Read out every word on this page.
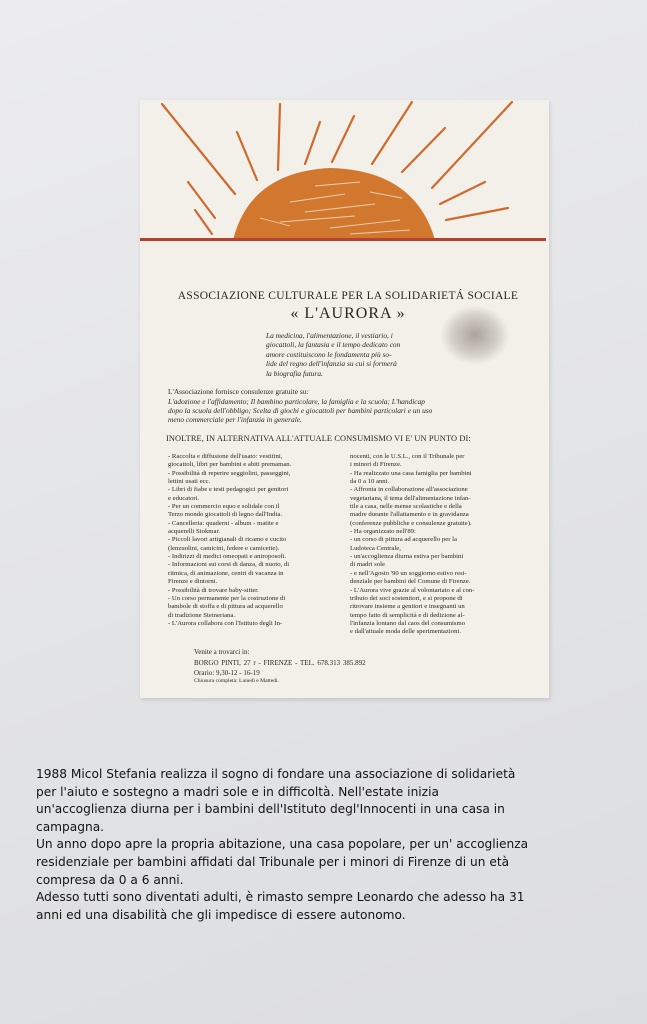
ASSOCIAZIONE CULTURALE PER LA SOLIDARIETÁ SOCIALE
« L'AURORA »
La medicina, l'alimentazione, il vestiario, i
giocattoli, la fantasia e il tempo dedicato con
amore costituiscono le fondamenta più so-
lide del regno dell'infanzia su cui si formerà
la biografia futura.
L'Associazione fornisce consulenze gratuite su:
L'adozione e l'affidamento; Il bambino particolare, la famiglia e la scuola; L'handicap
dopo la scuola dell'obbligo; Scelta di giochi e giocattoli per bambini particolari e un uso
meno commerciale per l'infanzia in generale.
INOLTRE, IN ALTERNATIVA ALL'ATTUALE CONSUMISMO VI E' UN PUNTO DI:

- Raccolta e diffusione dell'usato: vestitini,

giocattoli, libri per bambini e abiti premaman.

- Possibilità di reperire seggiolini, passeggini,

lettini usati ecc.

- Libri di fiabe e testi pedagogici per genitori

e educatori.

- Per un commercio equo e solidale con il

Terzo mondo giocattoli di legno dall'India.

- Cancelleria: quaderni - album - matite e

acquerelli Stokmar.

- Piccoli lavori artigianali di ricamo e cucito

(lenzuolini, camicini, federe e camicette).

- Indirizzi di medici omeopati e antroposofi.

- Informazioni sui corsi di danza, di nuoto, di

ritmica, di animazione, centri di vacanza in

Firenze e dintorni.

- Possibilità di trovare baby-sitter.

- Un corso permanente per la costruzione di

bambole di stoffa e di pittura ad acquerello

di tradizione Steineriana.

- L'Aurora collabora con l'Istituto degli In-

nocenti, con le U.S.L., con il Tribunale per

i minori di Firenze.

- Ha realizzato una casa famiglia per bambini

da 0 a 10 anni.

- Affronta in collaborazione all'associazione

vegetariana, il tema dell'alimentazione infan-

tile a casa, nelle mense scolastiche e della

madre durante l'allattamento e in gravidanza

(conferenze pubbliche e consulenze gratuite).

- Ha organizzato nell'89:

- un corso di pittura ad acquerello per la

Ludoteca Centrale,

- un'accoglienza diurna estiva per bambini

di madri sole

- e nell'Agosto '90 un soggiorno estivo resi-

denziale per bambini del Comune di Firenze.

- L'Aurora vive grazie al volontariato e al con-

tributo dei soci sostenitori, e si propone di

ritrovare insieme a genitori e insegnanti un

tempo fatto di semplicità e di dedizione al-

l'infanzia lontano dal caos del consumismo

e dall'attuale moda delle sperimentazioni.

Venite a trovarci in:
BORGO PINTI, 27 r - FIRENZE - TEL. 678.313 385.892
Orario: 9,30-12 - 16-19
Chiusura completa: Lunedì e Mattedì.

1988 Micol Stefania realizza il sogno di fondare una associazione di solidarietà

per l'aiuto e sostegno a madri sole e in difficoltà. Nell'estate inizia

un'accoglienza diurna per i bambini dell'Istituto degl'Innocenti in una casa in

campagna.

Un anno dopo apre la propria abitazione, una casa popolare, per un' accoglienza

residenziale per bambini affidati dal Tribunale per i minori di Firenze di un età

compresa da 0 a 6 anni.

Adesso tutti sono diventati adulti, è rimasto sempre Leonardo che adesso ha 31

anni ed una disabilità che gli impedisce di essere autonomo.
